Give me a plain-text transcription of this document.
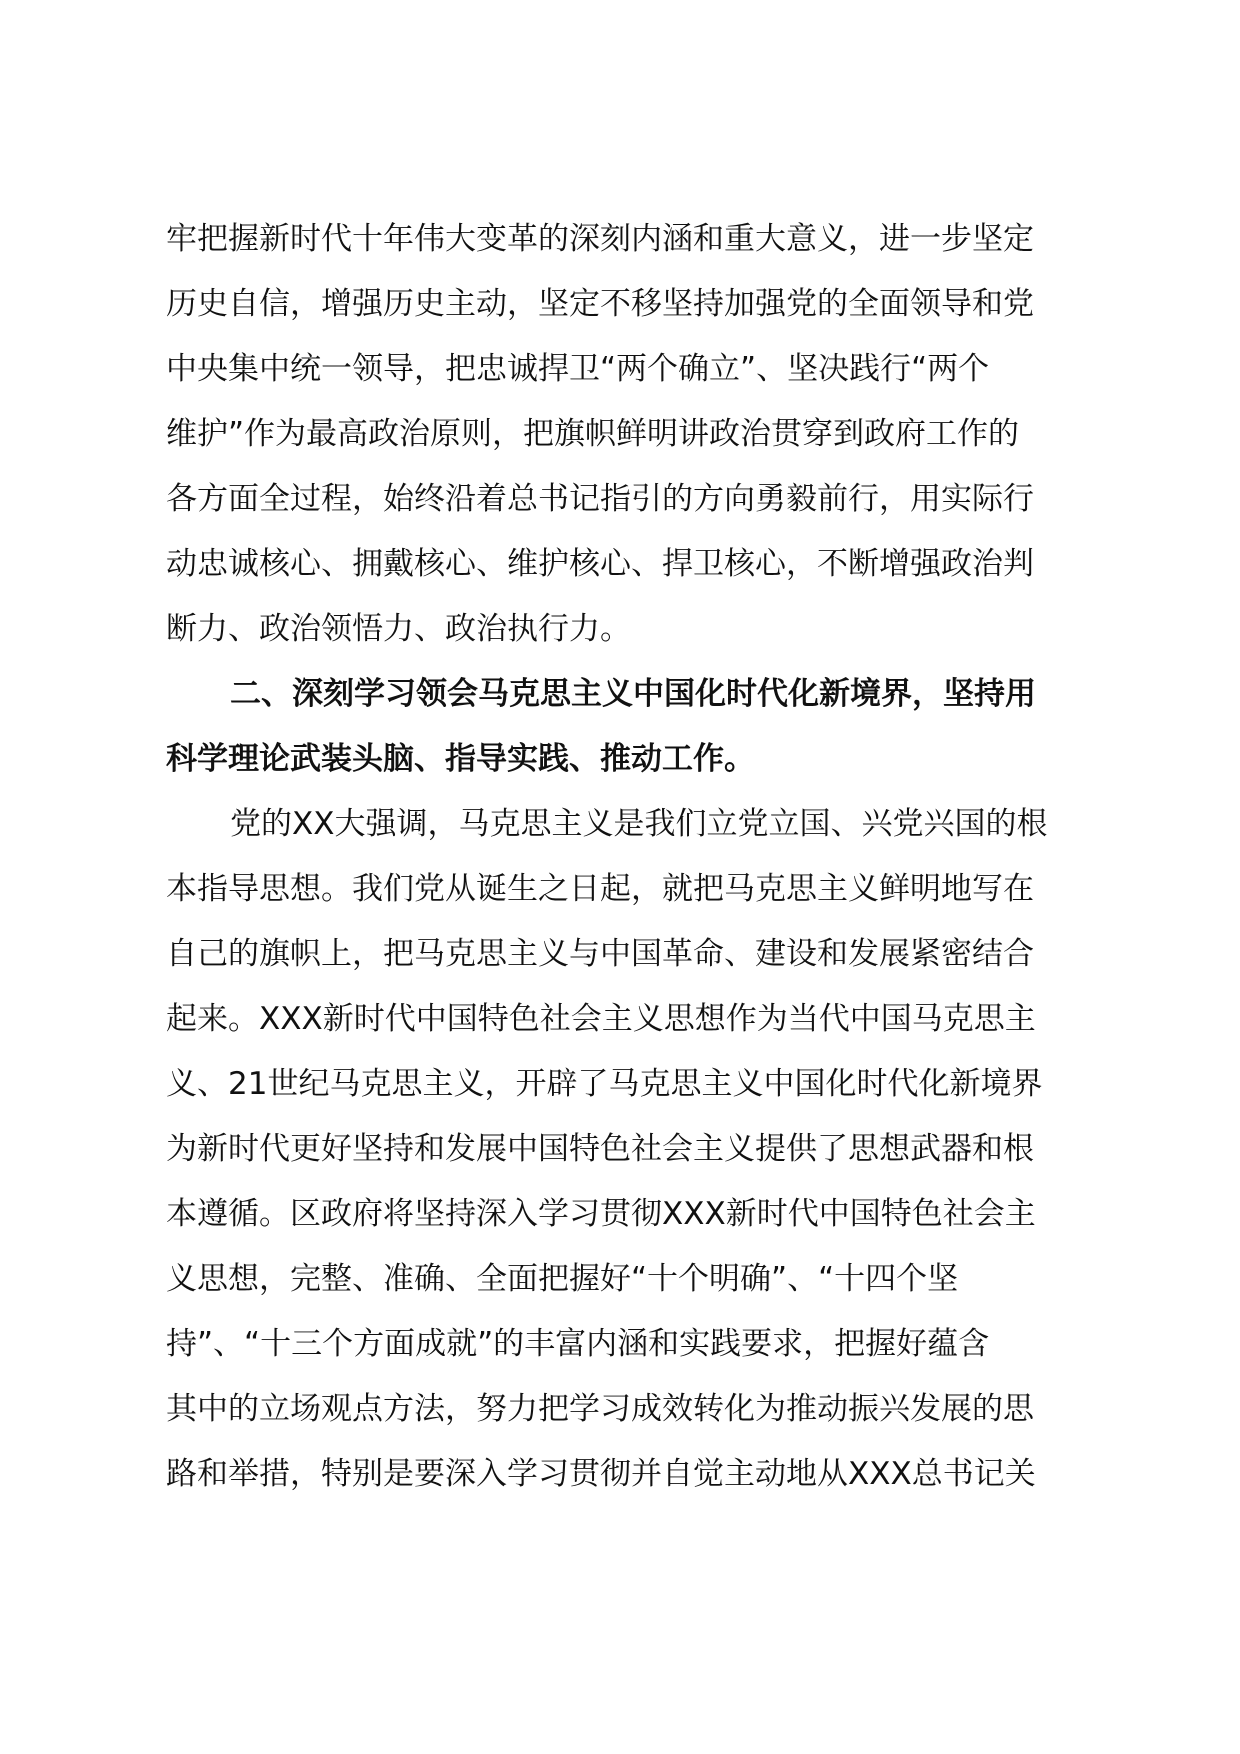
牢把握新时代十年伟大变革的深刻内涵和重大意义，进一步坚定
历史自信，增强历史主动，坚定不移坚持加强党的全面领导和党
中央集中统一领导，把忠诚捍卫“两个确立”、坚决践行“两个
维护”作为最高政治原则，把旗帜鲜明讲政治贯穿到政府工作的
各方面全过程，始终沿着总书记指引的方向勇毅前行，用实际行
动忠诚核心、拥戴核心、维护核心、捍卫核心，不断增强政治判
断力、政治领悟力、政治执行力。
二、深刻学习领会马克思主义中国化时代化新境界，坚持用
科学理论武装头脑、指导实践、推动工作。
党的XX大强调，马克思主义是我们立党立国、兴党兴国的根
本指导思想。我们党从诞生之日起，就把马克思主义鲜明地写在
自己的旗帜上，把马克思主义与中国革命、建设和发展紧密结合
起来。XXX新时代中国特色社会主义思想作为当代中国马克思主
义、21世纪马克思主义，开辟了马克思主义中国化时代化新境界
为新时代更好坚持和发展中国特色社会主义提供了思想武器和根
本遵循。区政府将坚持深入学习贯彻XXX新时代中国特色社会主
义思想，完整、准确、全面把握好“十个明确”、“十四个坚
持”、“十三个方面成就”的丰富内涵和实践要求，把握好蕴含
其中的立场观点方法，努力把学习成效转化为推动振兴发展的思
路和举措，特别是要深入学习贯彻并自觉主动地从XXX总书记关
